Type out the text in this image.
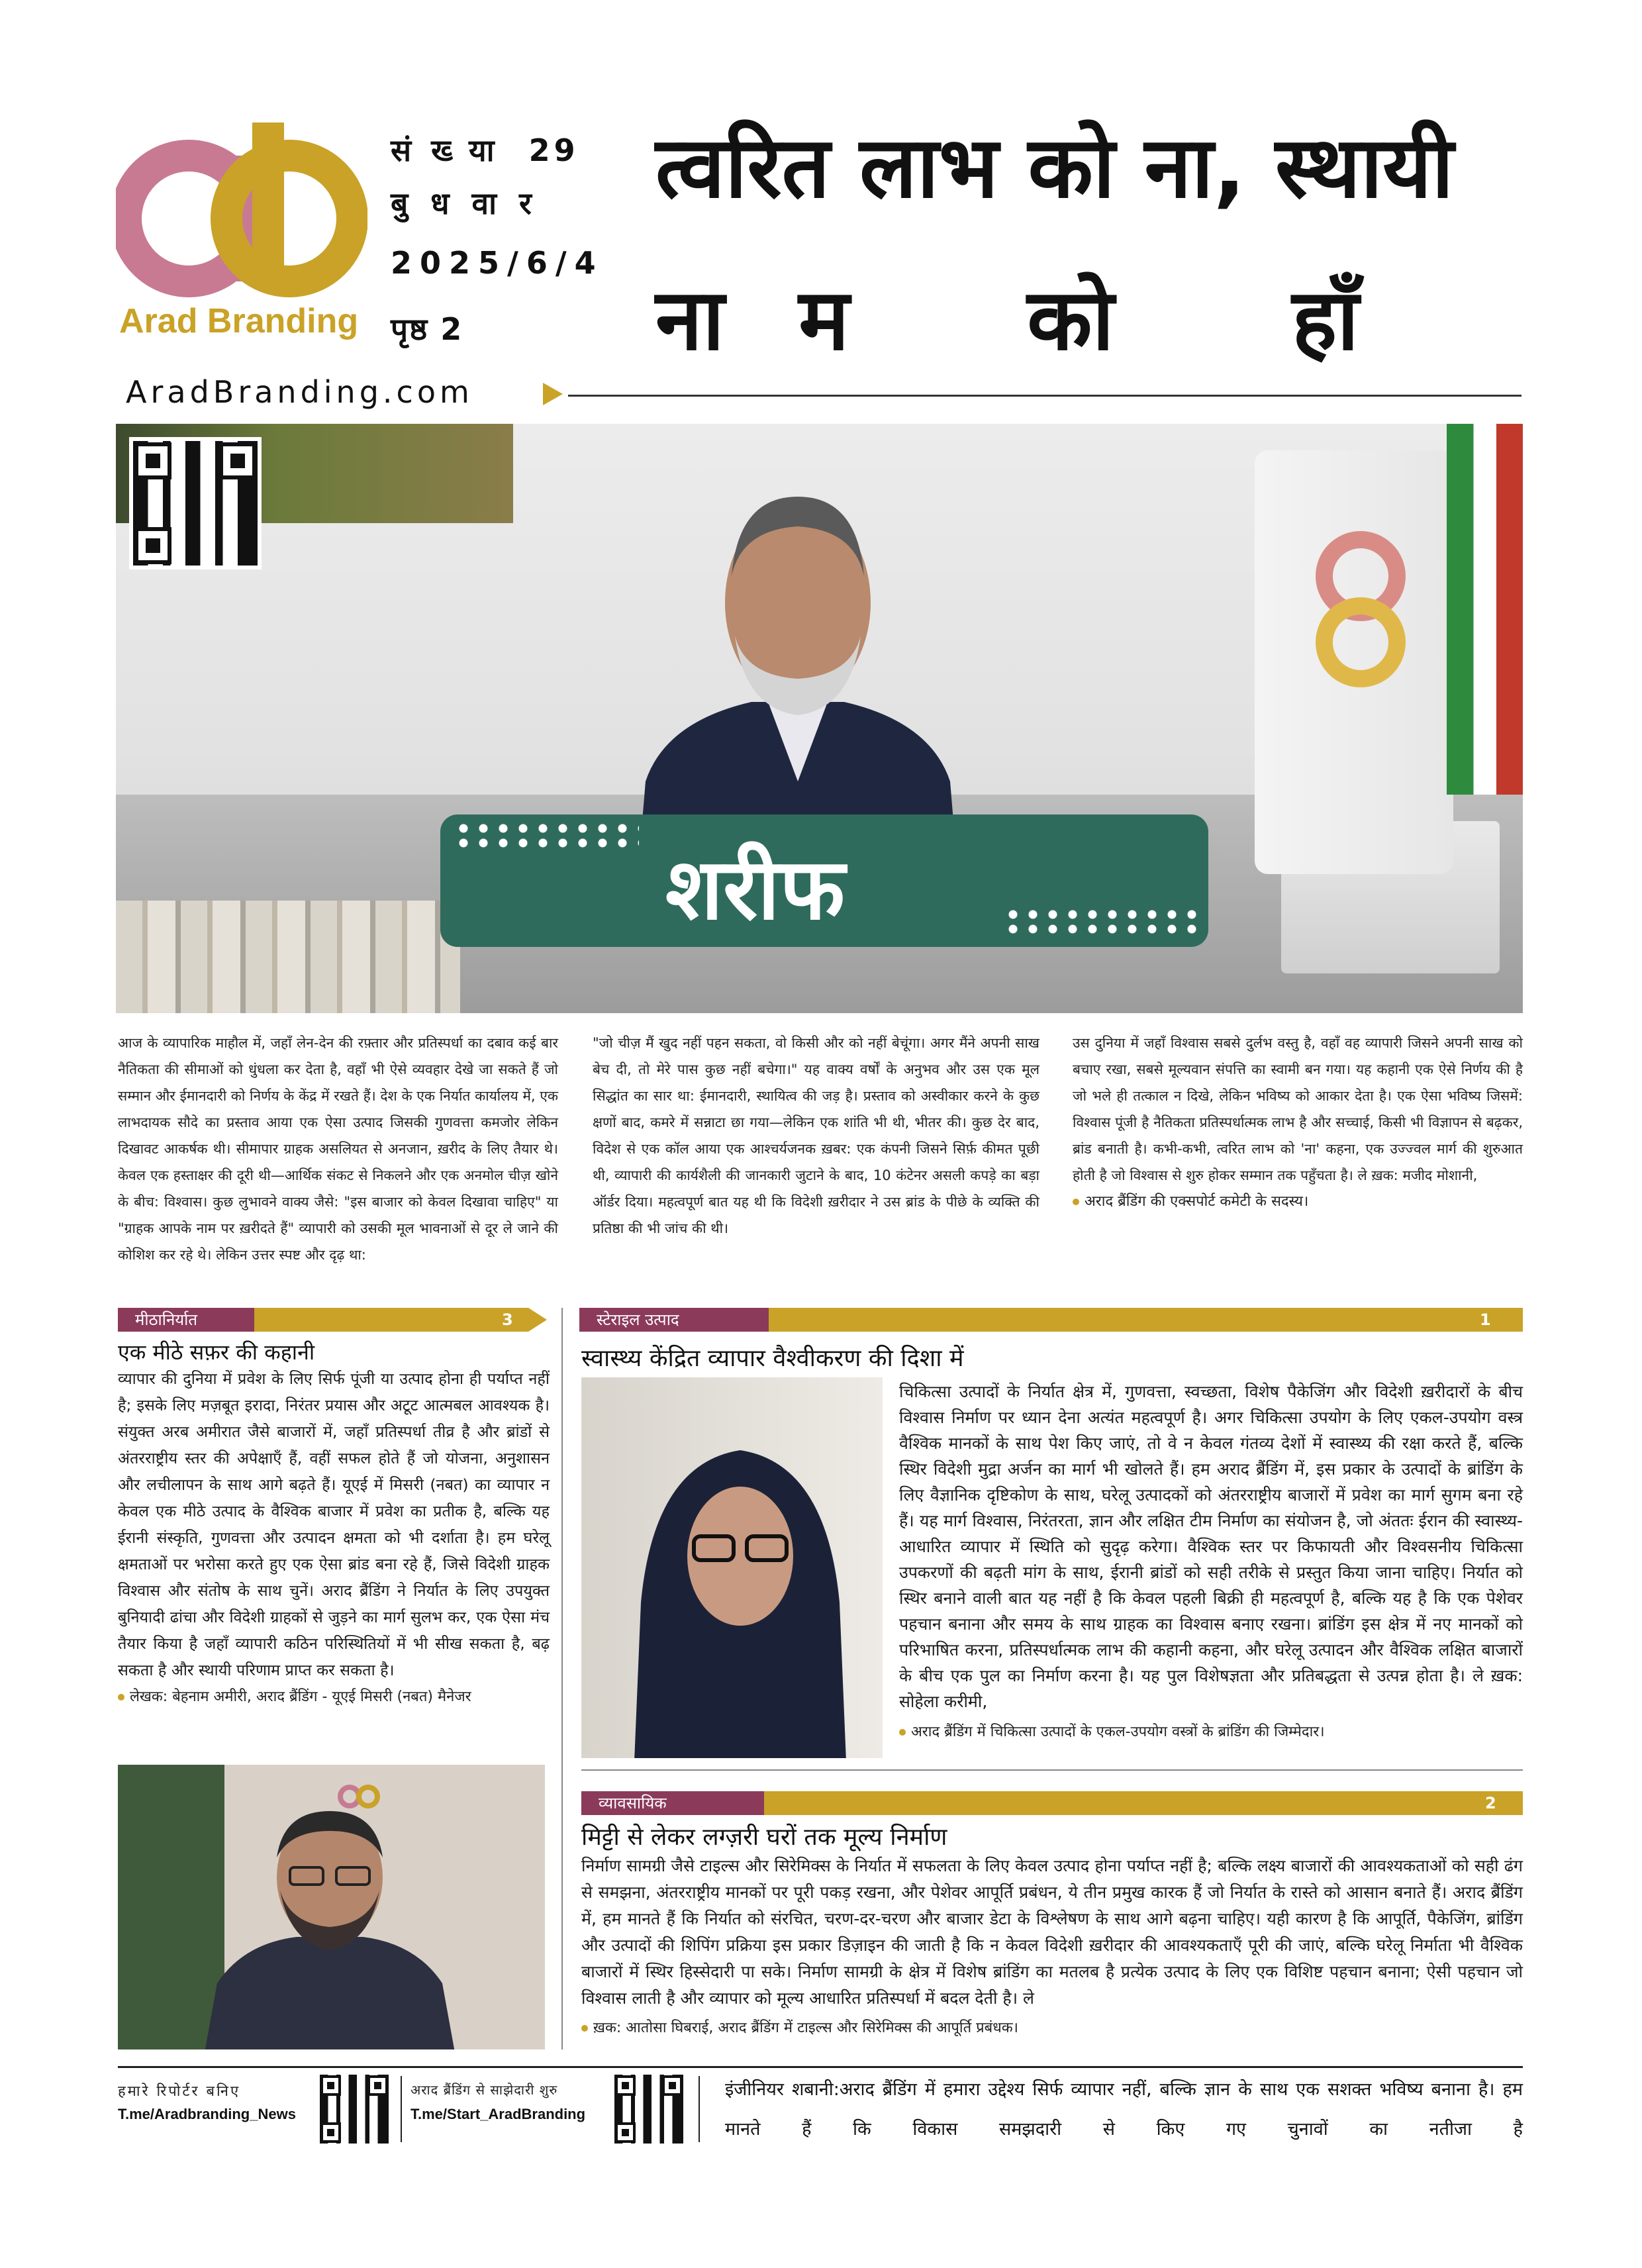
Arad Branding
संख्या 29
बुधवार
2025/6/4
पृष्ठ 2
त्वरित लाभ को ना, स्थायी
नाम को हाँ
AradBranding.com
शरीफ

आज के व्यापारिक माहौल में, जहाँ लेन-देन की रफ़्तार और प्रतिस्पर्धा का दबाव कई बार नैतिकता की सीमाओं को धुंधला कर देता है, वहाँ भी ऐसे व्यवहार देखे जा सकते हैं जो सम्मान और ईमानदारी को निर्णय के केंद्र में रखते हैं। देश के एक निर्यात कार्यालय में, एक लाभदायक सौदे का प्रस्ताव आया एक ऐसा उत्पाद जिसकी गुणवत्ता कमजोर लेकिन दिखावट आकर्षक थी। सीमापार ग्राहक असलियत से अनजान, ख़रीद के लिए तैयार थे। केवल एक हस्ताक्षर की दूरी थी—आर्थिक संकट से निकलने और एक अनमोल चीज़ खोने के बीच: विश्वास। कुछ लुभावने वाक्य जैसे: "इस बाजार को केवल दिखावा चाहिए" या "ग्राहक आपके नाम पर ख़रीदते हैं" व्यापारी को उसकी मूल भावनाओं से दूर ले जाने की कोशिश कर रहे थे। लेकिन उत्तर स्पष्ट और दृढ़ था:

"जो चीज़ मैं खुद नहीं पहन सकता, वो किसी और को नहीं बेचूंगा। अगर मैंने अपनी साख बेच दी, तो मेरे पास कुछ नहीं बचेगा।" यह वाक्य वर्षों के अनुभव और उस एक मूल सिद्धांत का सार था: ईमानदारी, स्थायित्व की जड़ है। प्रस्ताव को अस्वीकार करने के कुछ क्षणों बाद, कमरे में सन्नाटा छा गया—लेकिन एक शांति भी थी, भीतर की। कुछ देर बाद, विदेश से एक कॉल आया एक आश्चर्यजनक ख़बर: एक कंपनी जिसने सिर्फ़ कीमत पूछी थी, व्यापारी की कार्यशैली की जानकारी जुटाने के बाद, 10 कंटेनर असली कपड़े का बड़ा ऑर्डर दिया। महत्वपूर्ण बात यह थी कि विदेशी ख़रीदार ने उस ब्रांड के पीछे के व्यक्ति की प्रतिष्ठा की भी जांच की थी।

उस दुनिया में जहाँ विश्वास सबसे दुर्लभ वस्तु है, वहाँ वह व्यापारी जिसने अपनी साख को बचाए रखा, सबसे मूल्यवान संपत्ति का स्वामी बन गया। यह कहानी एक ऐसे निर्णय की है जो भले ही तत्काल न दिखे, लेकिन भविष्य को आकार देता है। एक ऐसा भविष्य जिसमें: विश्वास पूंजी है नैतिकता प्रतिस्पर्धात्मक लाभ है और सच्चाई, किसी भी विज्ञापन से बढ़कर, ब्रांड बनाती है। कभी-कभी, त्वरित लाभ को 'ना' कहना, एक उज्ज्वल मार्ग की शुरुआत होती है जो विश्वास से शुरु होकर सम्मान तक पहुँचता है। ले ख़क: मजीद मोशानी,

अराद ब्रैंडिंग की एक्सपोर्ट कमेटी के सदस्य।

मीठानिर्यात	3
एक मीठे सफ़र की कहानी

व्यापार की दुनिया में प्रवेश के लिए सिर्फ पूंजी या उत्पाद होना ही पर्याप्त नहीं है; इसके लिए मज़बूत इरादा, निरंतर प्रयास और अटूट आत्मबल आवश्यक है। संयुक्त अरब अमीरात जैसे बाजारों में, जहाँ प्रतिस्पर्धा तीव्र है और ब्रांडों से अंतरराष्ट्रीय स्तर की अपेक्षाएँ हैं, वहीं सफल होते हैं जो योजना, अनुशासन और लचीलापन के साथ आगे बढ़ते हैं। यूएई में मिसरी (नबत) का व्यापार न केवल एक मीठे उत्पाद के वैश्विक बाजार में प्रवेश का प्रतीक है, बल्कि यह ईरानी संस्कृति, गुणवत्ता और उत्पादन क्षमता को भी दर्शाता है। हम घरेलू क्षमताओं पर भरोसा करते हुए एक ऐसा ब्रांड बना रहे हैं, जिसे विदेशी ग्राहक विश्वास और संतोष के साथ चुनें। अराद ब्रैंडिंग ने निर्यात के लिए उपयुक्त बुनियादी ढांचा और विदेशी ग्राहकों से जुड़ने का मार्ग सुलभ कर, एक ऐसा मंच तैयार किया है जहाँ व्यापारी कठिन परिस्थितियों में भी सीख सकता है, बढ़ सकता है और स्थायी परिणाम प्राप्त कर सकता है।

लेखक: बेहनाम अमीरी, अराद ब्रैंडिंग - यूएई मिसरी (नबत) मैनेजर

स्टेराइल उत्पाद	1
स्वास्थ्य केंद्रित व्यापार वैश्वीकरण की दिशा में

चिकित्सा उत्पादों के निर्यात क्षेत्र में, गुणवत्ता, स्वच्छता, विशेष पैकेजिंग और विदेशी ख़रीदारों के बीच विश्वास निर्माण पर ध्यान देना अत्यंत महत्वपूर्ण है। अगर चिकित्सा उपयोग के लिए एकल-उपयोग वस्त्र वैश्विक मानकों के साथ पेश किए जाएं, तो वे न केवल गंतव्य देशों में स्वास्थ्य की रक्षा करते हैं, बल्कि स्थिर विदेशी मुद्रा अर्जन का मार्ग भी खोलते हैं। हम अराद ब्रैंडिंग में, इस प्रकार के उत्पादों के ब्रांडिंग के लिए वैज्ञानिक दृष्टिकोण के साथ, घरेलू उत्पादकों को अंतरराष्ट्रीय बाजारों में प्रवेश का मार्ग सुगम बना रहे हैं। यह मार्ग विश्वास, निरंतरता, ज्ञान और लक्षित टीम निर्माण का संयोजन है, जो अंततः ईरान की स्वास्थ्य-आधारित व्यापार में स्थिति को सुदृढ़ करेगा। वैश्विक स्तर पर किफायती और विश्वसनीय चिकित्सा उपकरणों की बढ़ती मांग के साथ, ईरानी ब्रांडों को सही तरीके से प्रस्तुत किया जाना चाहिए। निर्यात को स्थिर बनाने वाली बात यह नहीं है कि केवल पहली बिक्री ही महत्वपूर्ण है, बल्कि यह है कि एक पेशेवर पहचान बनाना और समय के साथ ग्राहक का विश्वास बनाए रखना। ब्रांडिंग इस क्षेत्र में नए मानकों को परिभाषित करना, प्रतिस्पर्धात्मक लाभ की कहानी कहना, और घरेलू उत्पादन और वैश्विक लक्षित बाजारों के बीच एक पुल का निर्माण करना है। यह पुल विशेषज्ञता और प्रतिबद्धता से उत्पन्न होता है। ले ख़क: सोहेला करीमी,

अराद ब्रैंडिंग में चिकित्सा उत्पादों के एकल-उपयोग वस्त्रों के ब्रांडिंग की जिम्मेदार।

व्यावसायिक	2
मिट्टी से लेकर लग्ज़री घरों तक मूल्य निर्माण

निर्माण सामग्री जैसे टाइल्स और सिरेमिक्स के निर्यात में सफलता के लिए केवल उत्पाद होना पर्याप्त नहीं है; बल्कि लक्ष्य बाजारों की आवश्यकताओं को सही ढंग से समझना, अंतरराष्ट्रीय मानकों पर पूरी पकड़ रखना, और पेशेवर आपूर्ति प्रबंधन, ये तीन प्रमुख कारक हैं जो निर्यात के रास्ते को आसान बनाते हैं। अराद ब्रैंडिंग में, हम मानते हैं कि निर्यात को संरचित, चरण-दर-चरण और बाजार डेटा के विश्लेषण के साथ आगे बढ़ना चाहिए। यही कारण है कि आपूर्ति, पैकेजिंग, ब्रांडिंग और उत्पादों की शिपिंग प्रक्रिया इस प्रकार डिज़ाइन की जाती है कि न केवल विदेशी ख़रीदार की आवश्यकताएँ पूरी की जाएं, बल्कि घरेलू निर्माता भी वैश्विक बाजारों में स्थिर हिस्सेदारी पा सके। निर्माण सामग्री के क्षेत्र में विशेष ब्रांडिंग का मतलब है प्रत्येक उत्पाद के लिए एक विशिष्ट पहचान बनाना; ऐसी पहचान जो विश्वास लाती है और व्यापार को मूल्य आधारित प्रतिस्पर्धा में बदल देती है। ले

ख़क: आतोसा घिबराई, अराद ब्रैंडिंग में टाइल्स और सिरेमिक्स की आपूर्ति प्रबंधक।

हमारे रिपोर्टर बनिए
T.me/Aradbranding_News
अराद ब्रैंडिंग से साझेदारी शुरु
T.me/Start_AradBranding
इंजीनियर शबानी:अराद ब्रैंडिंग में हमारा उद्देश्य सिर्फ व्यापार नहीं, बल्कि ज्ञान के साथ एक सशक्त भविष्य बनाना है। हम मानते हैं कि विकास समझदारी से किए गए चुनावों का नतीजा है
